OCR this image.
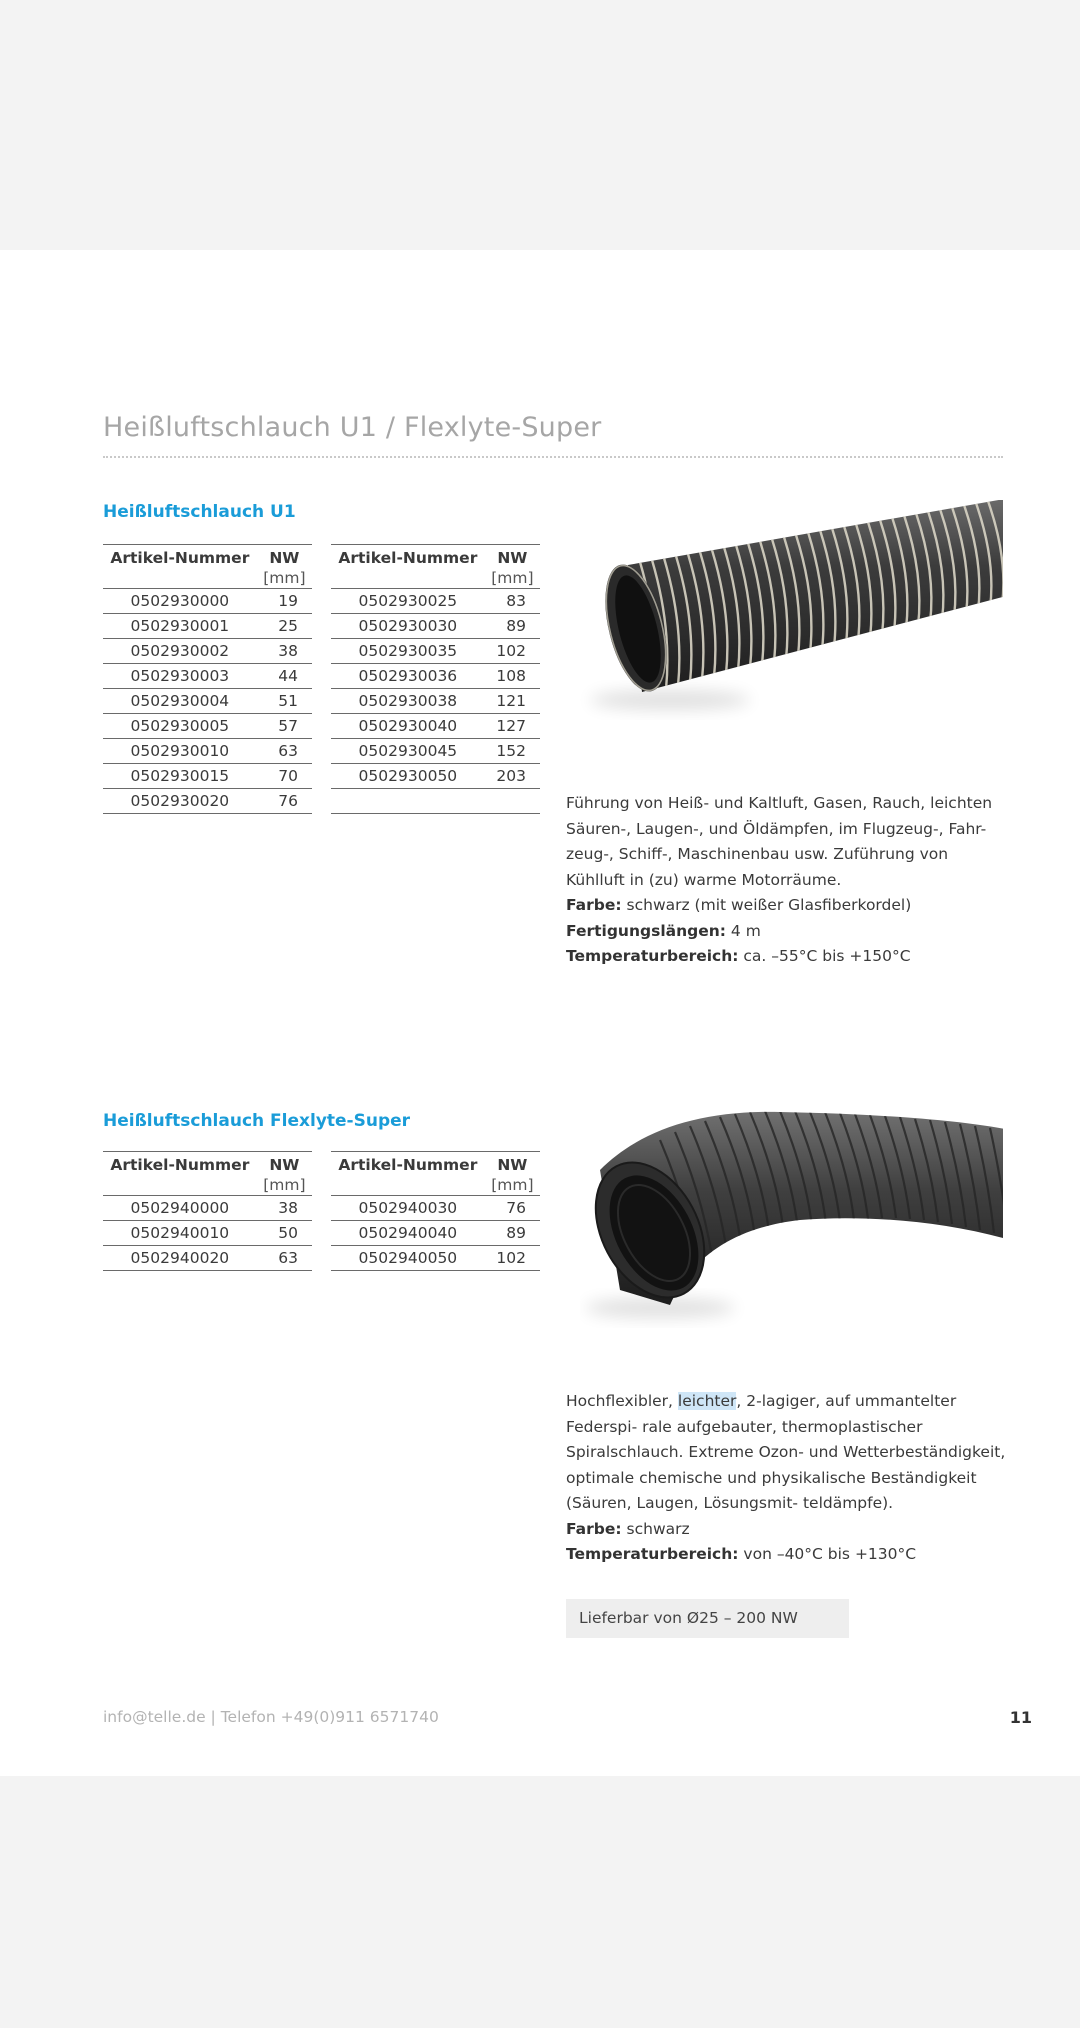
Heißluftschlauch U1 / Flexlyte-Super
Heißluftschlauch U1
Artikel-Nummer	NW
[mm]

0502930000	19
0502930001	25
0502930002	38
0502930003	44
0502930004	51
0502930005	57
0502930010	63
0502930015	70
0502930020	76
Artikel-Nummer	NW
[mm]

0502930025	83
0502930030	89
0502930035	102
0502930036	108
0502930038	121
0502930040	127
0502930045	152
0502930050	203

Führung von Heiß- und Kaltluft, Gasen, Rauch, leichten Säuren-, Laugen-, und Öldämpfen, im Flugzeug-, Fahr- zeug-, Schiff-, Maschinenbau usw. Zuführung von Kühlluft in (zu) warme Motorräume.

Farbe: schwarz (mit weißer Glasfiberkordel)

Fertigungslängen: 4 m

Temperaturbereich: ca. –55°C bis +150°C

Heißluftschlauch Flexlyte-Super
Artikel-Nummer	NW
[mm]

0502940000	38
0502940010	50
0502940020	63
Artikel-Nummer	NW
[mm]

0502940030	76
0502940040	89
0502940050	102

Hochflexibler, leichter, 2-lagiger, auf ummantelter Federspi- rale aufgebauter, thermoplastischer Spiralschlauch. Extreme Ozon- und Wetterbeständigkeit, optimale chemische und physikalische Beständigkeit (Säuren, Laugen, Lösungsmit- teldämpfe).

Farbe: schwarz

Temperaturbereich: von –40°C bis +130°C

Lieferbar von Ø25 – 200 NW
info@telle.de | Telefon +49(0)911 6571740	11
